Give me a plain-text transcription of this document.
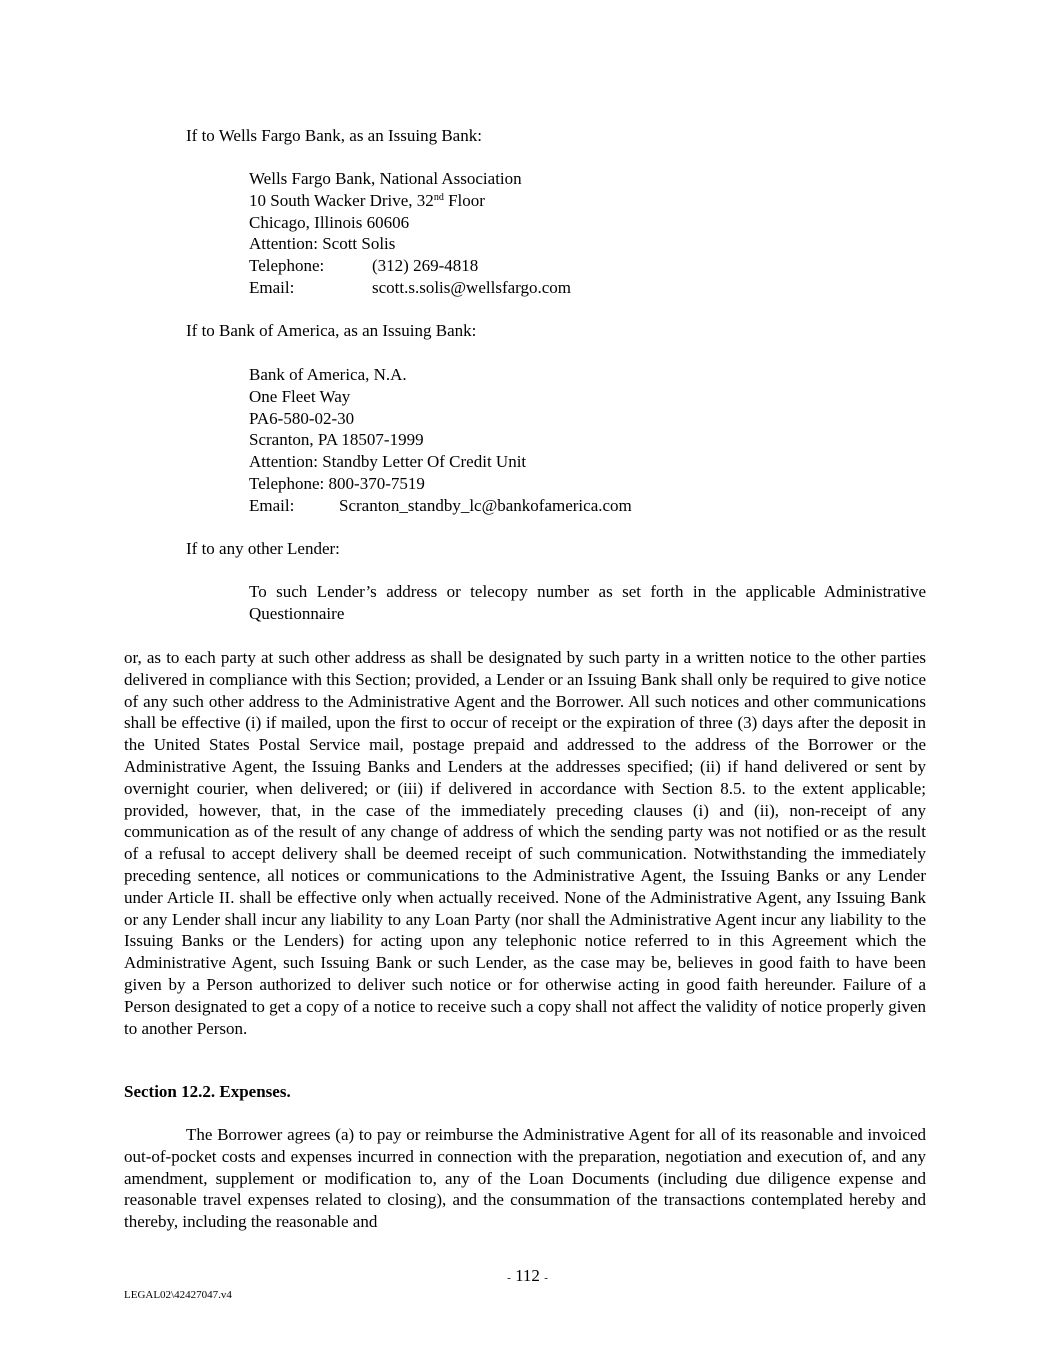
If to Wells Fargo Bank, as an Issuing Bank:

Wells Fargo Bank, National Association
10 South Wacker Drive, 32nd Floor
Chicago, Illinois 60606
Attention: Scott Solis
Telephone:	(312) 269-4818
Email:	scott.s.solis@wellsfargo.com

If to Bank of America, as an Issuing Bank:

Bank of America, N.A.
One Fleet Way
PA6-580-02-30
Scranton, PA 18507-1999
Attention: Standby Letter Of Credit Unit
Telephone: 800-370-7519
Email:	Scranton_standby_lc@bankofamerica.com

If to any other Lender:

To such Lender’s address or telecopy number as set forth in the applicable Administrative Questionnaire

or, as to each party at such other address as shall be designated by such party in a written notice to the other parties delivered in compliance with this Section; provided, a Lender or an Issuing Bank shall only be required to give notice of any such other address to the Administrative Agent and the Borrower. All such notices and other communications shall be effective (i) if mailed, upon the first to occur of receipt or the expiration of three (3) days after the deposit in the United States Postal Service mail, postage prepaid and addressed to the address of the Borrower or the Administrative Agent, the Issuing Banks and Lenders at the addresses specified; (ii) if hand delivered or sent by overnight courier, when delivered; or (iii) if delivered in accordance with Section 8.5. to the extent applicable; provided, however, that, in the case of the immediately preceding clauses (i) and (ii), non-receipt of any communication as of the result of any change of address of which the sending party was not notified or as the result of a refusal to accept delivery shall be deemed receipt of such communication. Notwithstanding the immediately preceding sentence, all notices or communications to the Administrative Agent, the Issuing Banks or any Lender under Article II. shall be effective only when actually received. None of the Administrative Agent, any Issuing Bank or any Lender shall incur any liability to any Loan Party (nor shall the Administrative Agent incur any liability to the Issuing Banks or the Lenders) for acting upon any telephonic notice referred to in this Agreement which the Administrative Agent, such Issuing Bank or such Lender, as the case may be, believes in good faith to have been given by a Person authorized to deliver such notice or for otherwise acting in good faith hereunder. Failure of a Person designated to get a copy of a notice to receive such a copy shall not affect the validity of notice properly given to another Person.

Section 12.2. Expenses.

The Borrower agrees (a) to pay or reimburse the Administrative Agent for all of its reasonable and invoiced out-of-pocket costs and expenses incurred in connection with the preparation, negotiation and execution of, and any amendment, supplement or modification to, any of the Loan Documents (including due diligence expense and reasonable travel expenses related to closing), and the consummation of the transactions contemplated hereby and thereby, including the reasonable and

- 112 -
LEGAL02\42427047.v4
